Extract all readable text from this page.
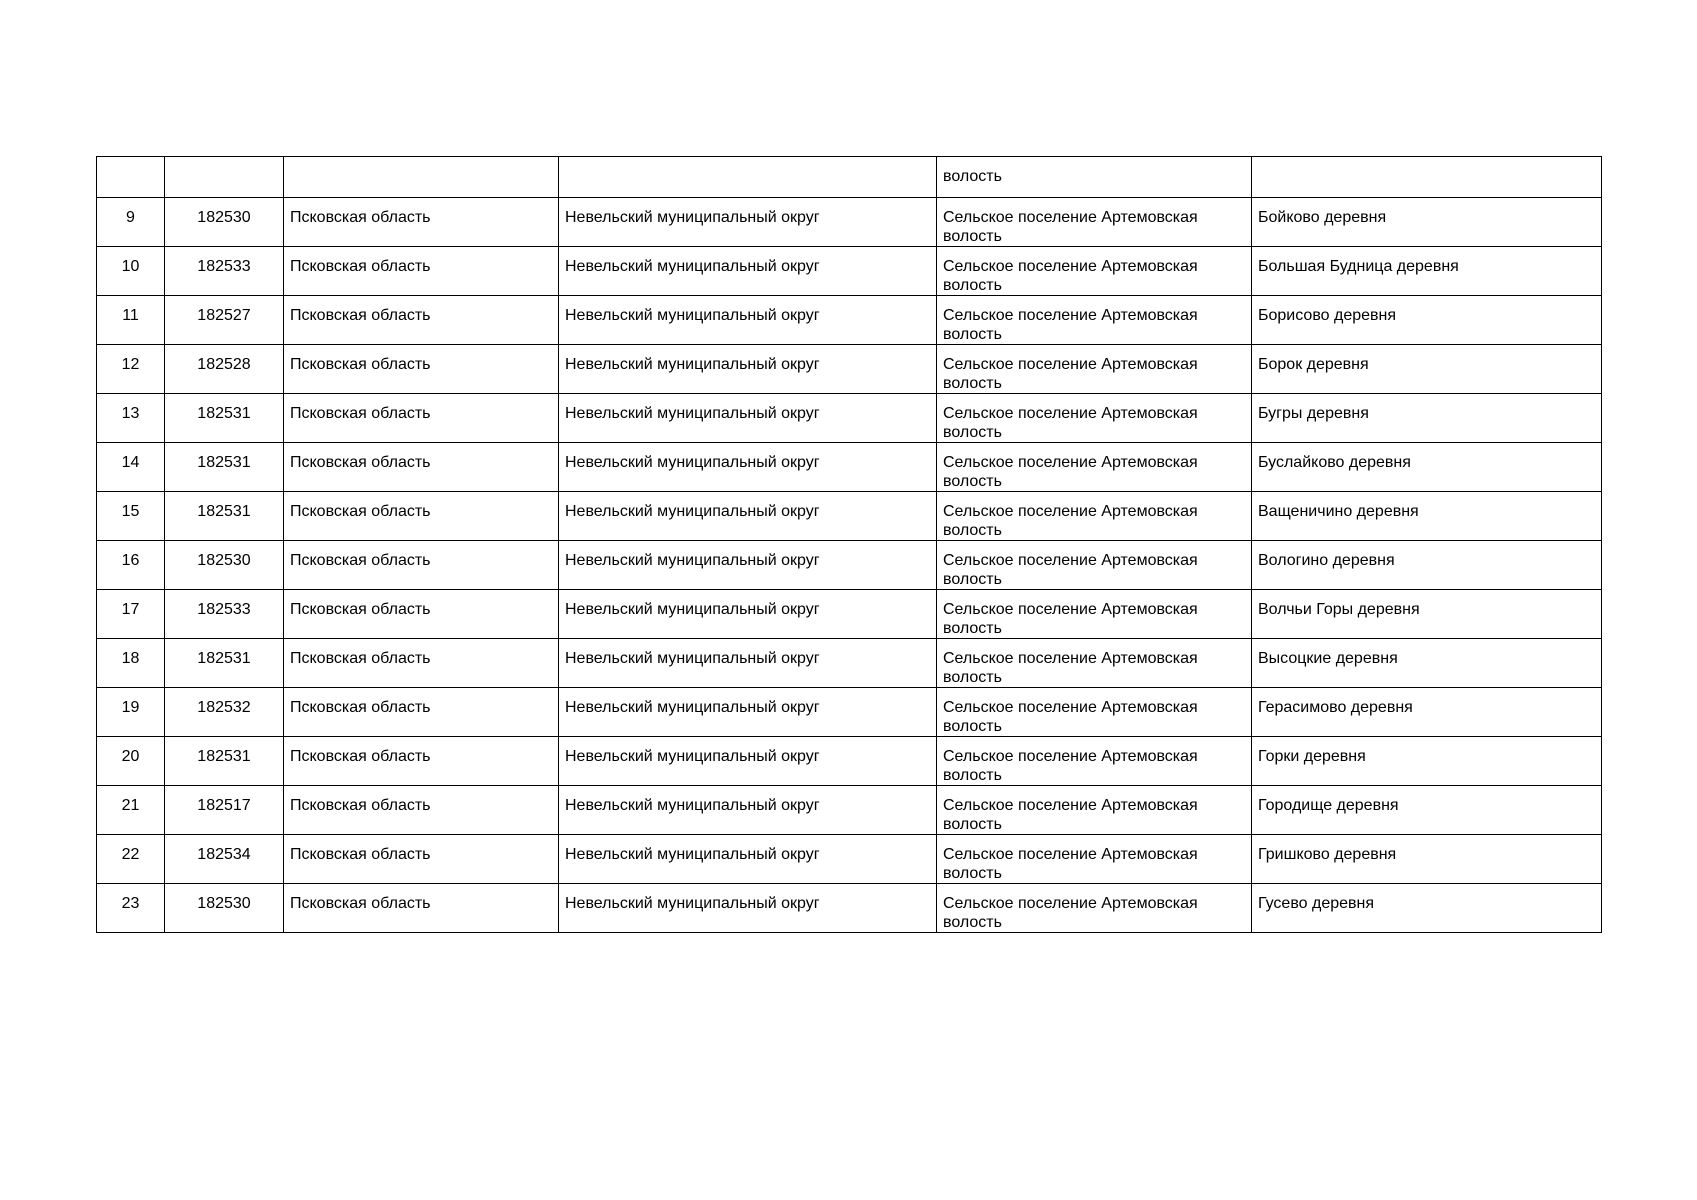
				волость	
9	182530	Псковская область	Невельский муниципальный округ	Сельское поселение Артемовская волость	Бойково деревня
10	182533	Псковская область	Невельский муниципальный округ	Сельское поселение Артемовская волость	Большая Будница деревня
11	182527	Псковская область	Невельский муниципальный округ	Сельское поселение Артемовская волость	Борисово деревня
12	182528	Псковская область	Невельский муниципальный округ	Сельское поселение Артемовская волость	Борок деревня
13	182531	Псковская область	Невельский муниципальный округ	Сельское поселение Артемовская волость	Бугры деревня
14	182531	Псковская область	Невельский муниципальный округ	Сельское поселение Артемовская волость	Буслайково деревня
15	182531	Псковская область	Невельский муниципальный округ	Сельское поселение Артемовская волость	Ващеничино деревня
16	182530	Псковская область	Невельский муниципальный округ	Сельское поселение Артемовская волость	Вологино деревня
17	182533	Псковская область	Невельский муниципальный округ	Сельское поселение Артемовская волость	Волчьи Горы деревня
18	182531	Псковская область	Невельский муниципальный округ	Сельское поселение Артемовская волость	Высоцкие деревня
19	182532	Псковская область	Невельский муниципальный округ	Сельское поселение Артемовская волость	Герасимово деревня
20	182531	Псковская область	Невельский муниципальный округ	Сельское поселение Артемовская волость	Горки деревня
21	182517	Псковская область	Невельский муниципальный округ	Сельское поселение Артемовская волость	Городище деревня
22	182534	Псковская область	Невельский муниципальный округ	Сельское поселение Артемовская волость	Гришково деревня
23	182530	Псковская область	Невельский муниципальный округ	Сельское поселение Артемовская волость	Гусево деревня
